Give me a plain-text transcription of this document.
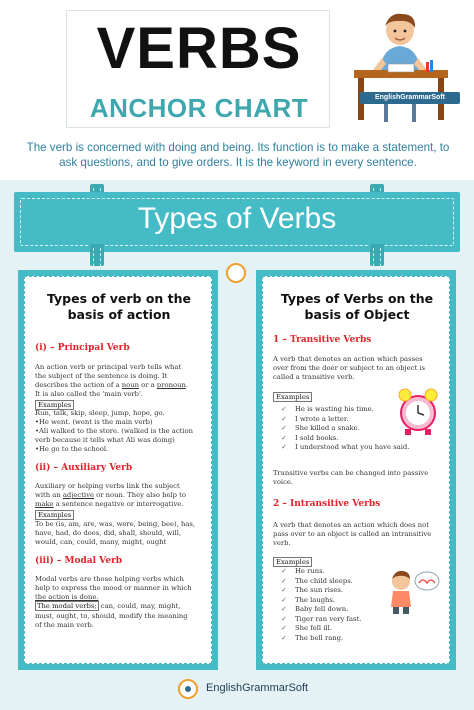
VERBS
ANCHOR CHART	EnglishGrammarSoft
The verb is concerned with doing and being. Its function is to make a statement, to ask questions, and to give orders. It is the keyword in every sentence.
Types of Verbs
Types of verb on the
basis of action
(i) – Principal Verb
An action verb or principal verb tells what
the subject of the sentence is doing. It
describes the action of a noun or a pronoun.
It is also called the 'main verb'.
Examples
Run, talk, skip, sleep, jump, hope, go.
•He went. (went is the main verb)
•Ali walked to the store. (walked is the action
verb because it tells what Ali was doing)
•He go to the school.
(ii) – Auxiliary Verb
Auxiliary or helping verbs link the subject
with an adjective or noun. They also help to
make a sentence negative or interrogative.
Examples
To be (is, am, are, was, were, being, bee), has,
have, had, do does, did, shall, should, will,
would, can, could, many, might, ought
(iii) – Modal Verb
Modal verbs are those helping verbs which
help to express the mood or manner in which
the action is done.
The modal verbs; can, could, may, might,
must, ought, to, should, modify the meaning
of the main verb.
Types of Verbs on the
basis of Object
1 – Transitive Verbs
A verb that denotes an action which passes
over from the doer or subject to an object is
called a transitive verb.
Examples
✓ He is wasting his time.
✓ I wrote a letter.
✓ She killed a snake.
✓ I sold books.
✓ I understood what you have said.
Transitive verbs can be changed into passive
voice.
2 – Intransitive Verbs
A verb that denotes an action which does not
pass over to an object is called an intransitive
verb.
Examples
✓ He runs.
✓ The child sleeps.
✓ The sun rises.
✓ The laughs.
✓ Baby fell down.
✓ Tiger ran very fast.
✓ She fell ill.
✓ The bell rang.
EnglishGrammarSoft
